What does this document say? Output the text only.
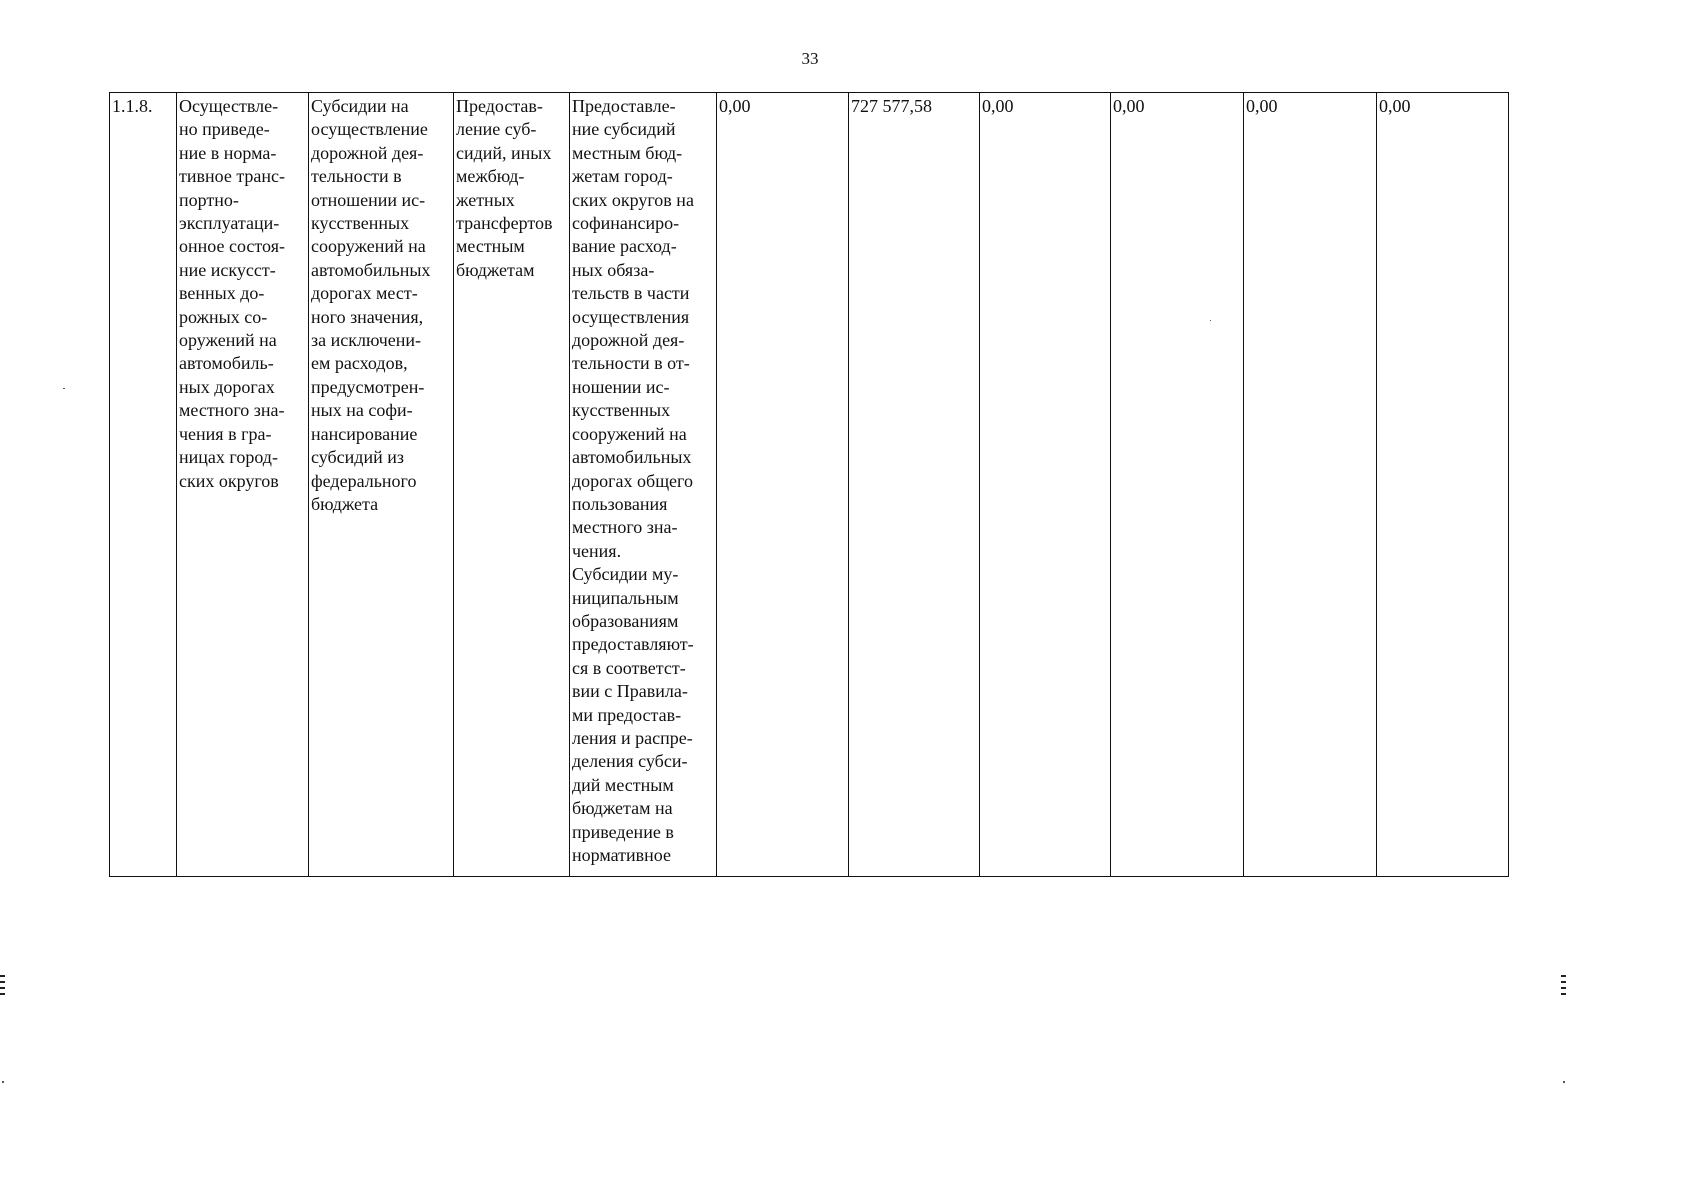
33
1.1.8.	Осуществле-
но приведе-
ние в норма-
тивное транс-
портно-
эксплуатаци-
онное состоя-
ние искусст-
венных до-
рожных со-
оружений на
автомобиль-
ных дорогах
местного зна-
чения в гра-
ницах город-
ских округов	Субсидии на
осуществление
дорожной дея-
тельности в
отношении ис-
кусственных
сооружений на
автомобильных
дорогах мест-
ного значения,
за исключени-
ем расходов,
предусмотрен-
ных на софи-
нансирование
субсидий из
федерального
бюджета	Предостав-
ление суб-
сидий, иных
межбюд-
жетных
трансфертов
местным
бюджетам	Предоставле-
ние субсидий
местным бюд-
жетам город-
ских округов на
софинансиро-
вание расход-
ных обяза-
тельств в части
осуществления
дорожной дея-
тельности в от-
ношении ис-
кусственных
сооружений на
автомобильных
дорогах общего
пользования
местного зна-
чения.
Субсидии му-
ниципальным
образованиям
предоставляют-
ся в соответст-
вии с Правила-
ми предостав-
ления и распре-
деления субси-
дий местным
бюджетам на
приведение в
нормативное	0,00	727 577,58	0,00	0,00	0,00	0,00
